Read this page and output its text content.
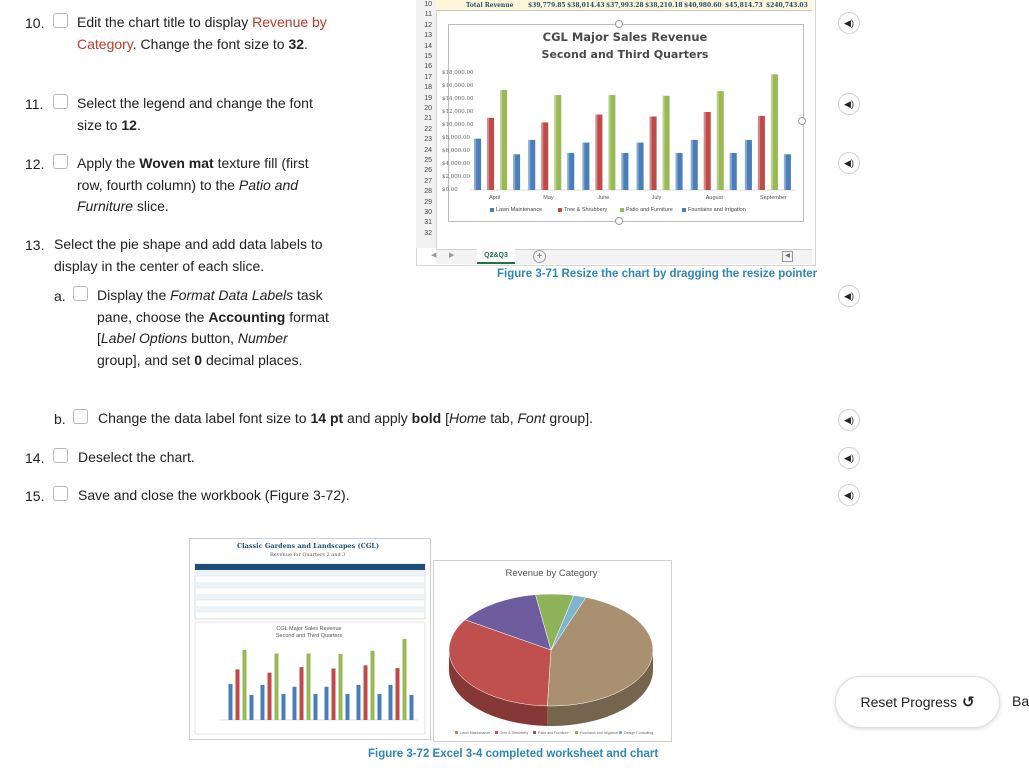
10. Edit the chart title to display Revenue by Category. Change the font size to 32.
11. Select the legend and change the font size to 12.
12. Apply the Woven mat texture fill (first row, fourth column) to the Patio and Furniture slice.
13. Select the pie shape and add data labels to display in the center of each slice.
a. Display the Format Data Labels task pane, choose the Accounting format [Label Options button, Number group], and set 0 decimal places.
b. Change the data label font size to 14 pt and apply bold [Home tab, Font group].
14. Deselect the chart.
15. Save and close the workbook (Figure 3-72).
◀)
◀)
◀)
◀)
◀)
◀)
◀)
10
11
12
13
14
15
16
17
18
19
20
21
22
23
24
25
26
27
28
29
30
31
32
Total Revenue $39,779.85 $38,014.43 $37,993.28 $38,210.18 $40,980.60 $45,814.73 $240,743.03
CGL Major Sales Revenue
Second and Third Quarters
$18,000.00
$16,000.00
$14,000.00
$12,000.00
$10,000.00
$8,000.00
$6,000.00
$4,000.00
$2,000.00
$0.00
April	May	June	July	August	September
Lawn Maintenance	Tree & Shrubbery	Patio and Furniture	Fountains and Irrigation
◀ ▶	Q2&Q3	+	◀
Figure 3-71 Resize the chart by dragging the resize pointer
Classic Gardens and Landscapes (CGL)
Revenue for Quarters 2 and 3
CGL Major Sales Revenue
Second and Third Quarters
Revenue by Category
Lawn Maintenance	Tree & Shrubbery	Patio and Furniture	Fountains and Irrigation Design Consulting
Figure 3-72 Excel 3-4 completed worksheet and chart
Reset Progress ↺	Ba
